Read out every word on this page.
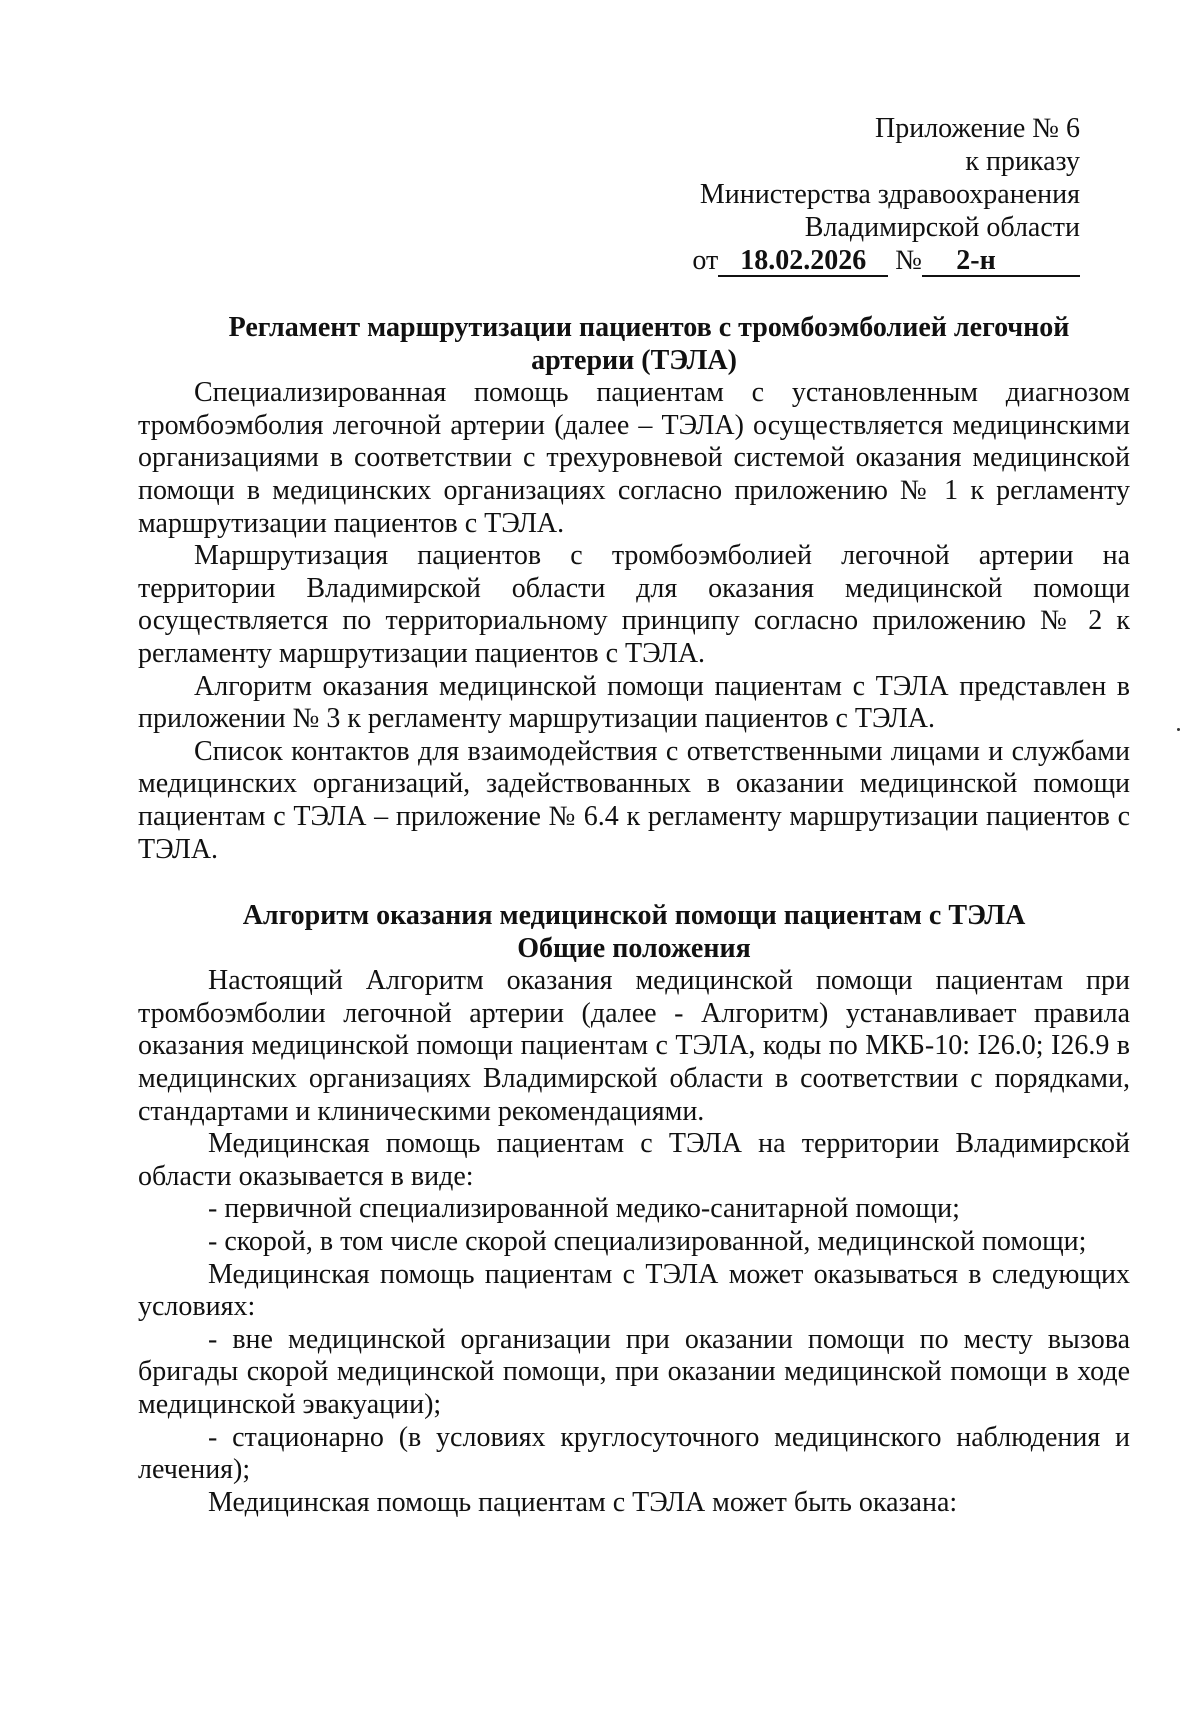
Приложение № 6
к приказу
Министерства здравоохранения
Владимирской области
от 18.02.2026 № 2-н

Регламент маршрутизации пациентов с тромбоэмболией легочной

артерии (ТЭЛА)

Специализированная помощь пациентам с установленным диагнозом тромбоэмболия легочной артерии (далее – ТЭЛА) осуществляется медицинскими организациями в соответствии с трехуровневой системой оказания медицинской помощи в медицинских организациях согласно приложению № 1 к регламенту маршрутизации пациентов с ТЭЛА.

Маршрутизация пациентов с тромбоэмболией легочной артерии на территории Владимирской области для оказания медицинской помощи осуществляется по территориальному принципу согласно приложению № 2 к регламенту маршрутизации пациентов с ТЭЛА.

Алгоритм оказания медицинской помощи пациентам с ТЭЛА представлен в приложении № 3 к регламенту маршрутизации пациентов с ТЭЛА.

Список контактов для взаимодействия с ответственными лицами и службами медицинских организаций, задействованных в оказании медицинской помощи пациентам с ТЭЛА – приложение № 6.4 к регламенту маршрутизации пациентов с ТЭЛА.

Алгоритм оказания медицинской помощи пациентам с ТЭЛА

Общие положения

Настоящий Алгоритм оказания медицинской помощи пациентам при тромбоэмболии легочной артерии (далее - Алгоритм) устанавливает правила оказания медицинской помощи пациентам с ТЭЛА, коды по МКБ-10: I26.0; I26.9 в медицинских организациях Владимирской области в соответствии с порядками, стандартами и клиническими рекомендациями.

Медицинская помощь пациентам с ТЭЛА на территории Владимирской области оказывается в виде:

- первичной специализированной медико-санитарной помощи;

- скорой, в том числе скорой специализированной, медицинской помощи;

Медицинская помощь пациентам с ТЭЛА может оказываться в следующих условиях:

- вне медицинской организации при оказании помощи по месту вызова бригады скорой медицинской помощи, при оказании медицинской помощи в ходе медицинской эвакуации);

- стационарно (в условиях круглосуточного медицинского наблюдения и лечения);

Медицинская помощь пациентам с ТЭЛА может быть оказана:
